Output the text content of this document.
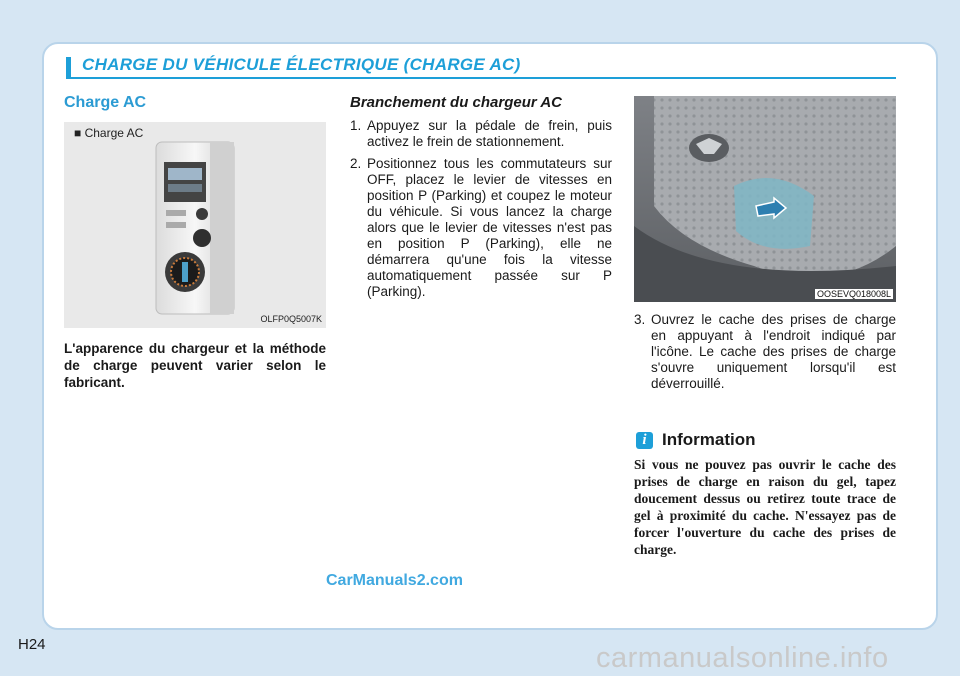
CHARGE DU VÉHICULE ÉLECTRIQUE (CHARGE AC)
Charge AC
■ Charge AC
OLFP0Q5007K
L'apparence du chargeur et la méthode de charge peuvent varier selon le fabricant.
Branchement du chargeur AC
1. Appuyez sur la pédale de frein, puis activez le frein de stationnement.
2. Positionnez tous les commutateurs sur OFF, placez le levier de vitesses en position P (Parking) et coupez le moteur du véhicule. Si vous lancez la charge alors que le levier de vitesses n'est pas en position P (Parking), elle ne démarrera qu'une fois la vitesse automatiquement passée sur P (Parking).	OOSEVQ018008L
3. Ouvrez le cache des prises de charge en appuyant à l'endroit indiqué par l'icône. Le cache des prises de charge s'ouvre uniquement lorsqu'il est déverrouillé.
i Information
Si vous ne pouvez pas ouvrir le cache des prises de charge en raison du gel, tapez doucement dessus ou retirez toute trace de gel à proximité du cache. N'essayez pas de forcer l'ouverture du cache des prises de charge.
CarManuals2.com
H24	carmanualsonline.info
